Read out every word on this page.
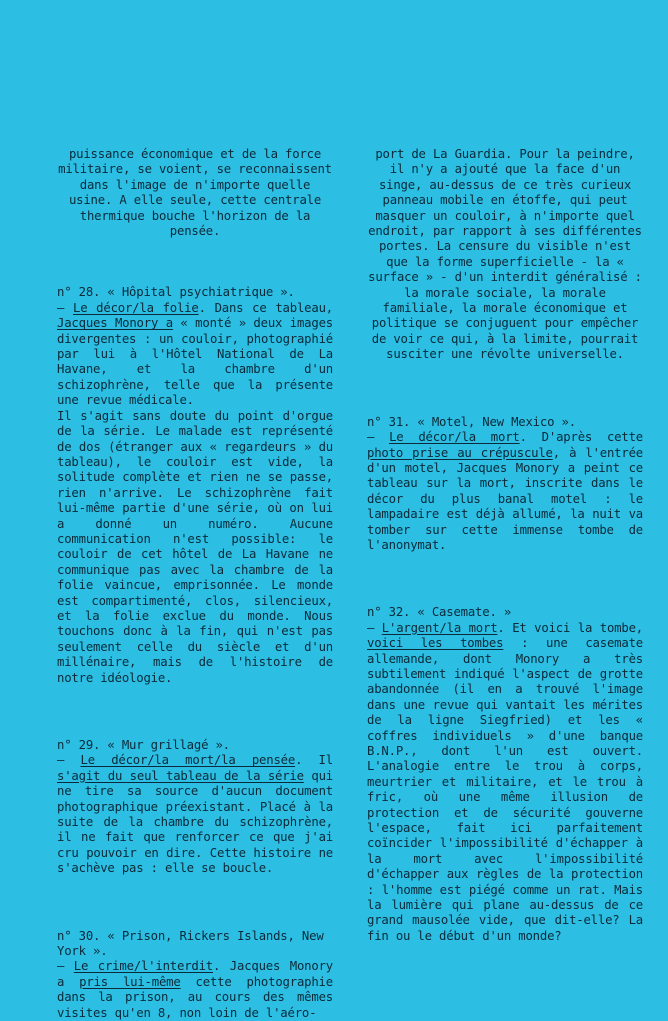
puissance économique et de la force militaire, se voient, se reconnaissent dans l'image de n'importe quelle usine. A elle seule, cette centrale thermique bouche l'horizon de la pensée.

n° 28. « Hôpital psychiatrique ».

– Le décor/la folie. Dans ce tableau, Jacques Monory a « monté » deux images divergentes : un couloir, photographié par lui à l'Hôtel National de La Havane, et la chambre d'un schizophrène, telle que la présente une revue médicale.

Il s'agit sans doute du point d'orgue de la série. Le malade est représenté de dos (étranger aux « regardeurs » du tableau), le couloir est vide, la solitude complète et rien ne se passe, rien n'arrive. Le schizophrène fait lui-même partie d'une série, où on lui a donné un numéro. Aucune communication n'est possible: le couloir de cet hôtel de La Havane ne communique pas avec la chambre de la folie vaincue, emprisonnée. Le monde est compartimenté, clos, silencieux, et la folie exclue du monde. Nous touchons donc à la fin, qui n'est pas seulement celle du siècle et d'un millénaire, mais de l'histoire de notre idéologie.

n° 29. « Mur grillagé ».

– Le décor/la mort/la pensée. Il s'agit du seul tableau de la série qui ne tire sa source d'aucun document photographique préexistant. Placé à la suite de la chambre du schizophrène, il ne fait que renforcer ce que j'ai cru pouvoir en dire. Cette histoire ne s'achève pas : elle se boucle.

n° 30. « Prison, Rickers Islands, New York ».

– Le crime/l'interdit. Jacques Monory a pris lui-même cette photographie dans la prison, au cours des mêmes visites qu'en 8, non loin de l'aéro-

port de La Guardia. Pour la peindre, il n'y a ajouté que la face d'un singe, au-dessus de ce très curieux panneau mobile en étoffe, qui peut masquer un couloir, à n'importe quel endroit, par rapport à ses différentes portes. La censure du visible n'est que la forme superficielle - la « surface » - d'un interdit généralisé : la morale sociale, la morale familiale, la morale économique et politique se conjuguent pour empêcher de voir ce qui, à la limite, pourrait susciter une révolte universelle.

n° 31. « Motel, New Mexico ».

– Le décor/la mort. D'après cette photo prise au crépuscule, à l'entrée d'un motel, Jacques Monory a peint ce tableau sur la mort, inscrite dans le décor du plus banal motel : le lampadaire est déjà allumé, la nuit va tomber sur cette immense tombe de l'anonymat.

n° 32. « Casemate. »

– L'argent/la mort. Et voici la tombe, voici les tombes : une casemate allemande, dont Monory a très subtilement indiqué l'aspect de grotte abandonnée (il en a trouvé l'image dans une revue qui vantait les mérites de la ligne Siegfried) et les « coffres individuels » d'une banque B.N.P., dont l'un est ouvert. L'analogie entre le trou à corps, meurtrier et militaire, et le trou à fric, où une même illusion de protection et de sécurité gouverne l'espace, fait ici parfaitement coïncider l'impossibilité d'échapper à la mort avec l'impossibilité d'échapper aux règles de la protection : l'homme est piégé comme un rat. Mais la lumière qui plane au-dessus de ce grand mausolée vide, que dit-elle? La fin ou le début d'un monde?
